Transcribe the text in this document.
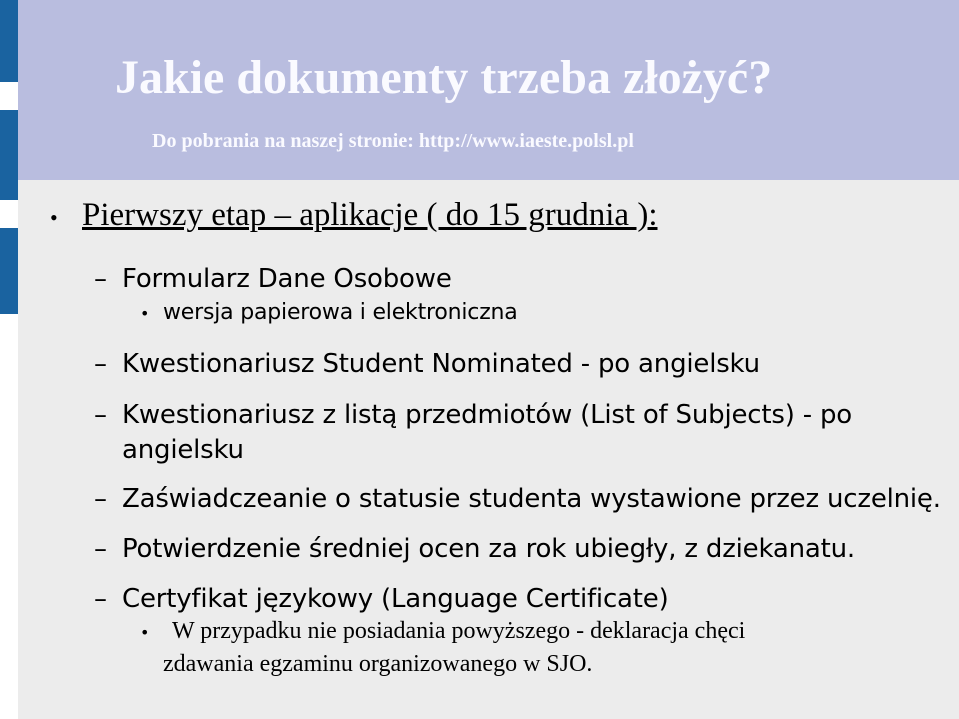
Jakie dokumenty trzeba złożyć?
Do pobrania na naszej stronie: http://www.iaeste.polsl.pl
• Pierwszy etap – aplikacje ( do 15 grudnia ):
– Formularz Dane Osobowe
• wersja papierowa i elektroniczna
– Kwestionariusz Student Nominated - po angielsku
– Kwestionariusz z listą przedmiotów (List of Subjects) - po
angielsku
– Zaświadczeanie o statusie studenta wystawione przez uczelnię.
– Potwierdzenie średniej ocen za rok ubiegły, z dziekanatu.
– Certyfikat językowy (Language Certificate)
• W przypadku nie posiadania powyższego - deklaracja chęci
zdawania egzaminu organizowanego w SJO.
